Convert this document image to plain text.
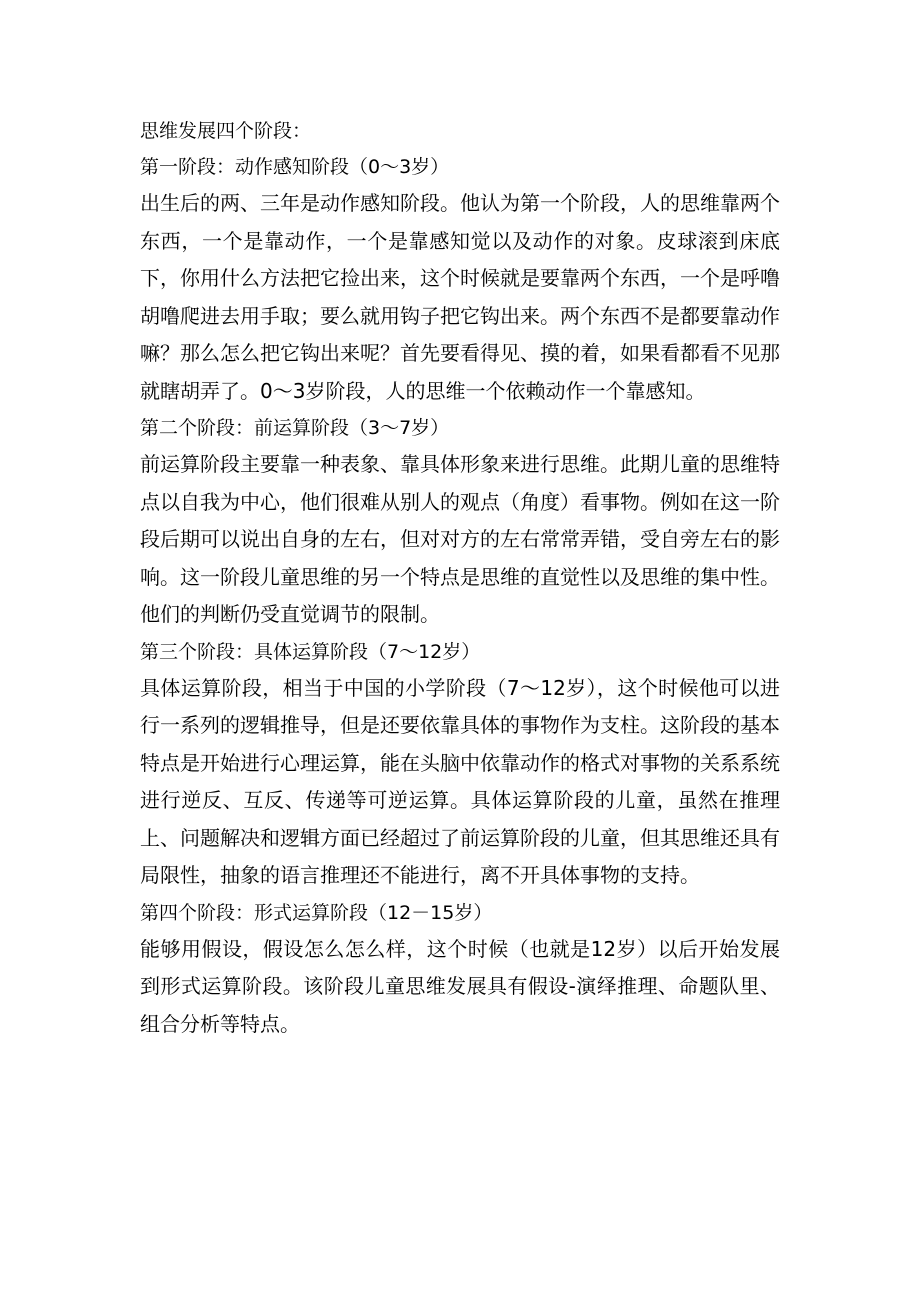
思维发展四个阶段：

第一阶段：动作感知阶段（0～3岁）

出生后的两、三年是动作感知阶段。他认为第一个阶段，人的思维靠两个东西，一个是靠动作，一个是靠感知觉以及动作的对象。皮球滚到床底下，你用什么方法把它捡出来，这个时候就是要靠两个东西，一个是呼噜胡噜爬进去用手取；要么就用钩子把它钩出来。两个东西不是都要靠动作嘛？那么怎么把它钩出来呢？首先要看得见、摸的着，如果看都看不见那就瞎胡弄了。0～3岁阶段，人的思维一个依赖动作一个靠感知。

第二个阶段：前运算阶段（3～7岁）

前运算阶段主要靠一种表象、靠具体形象来进行思维。此期儿童的思维特点以自我为中心，他们很难从别人的观点（角度）看事物。例如在这一阶段后期可以说出自身的左右，但对对方的左右常常弄错，受自旁左右的影响。这一阶段儿童思维的另一个特点是思维的直觉性以及思维的集中性。他们的判断仍受直觉调节的限制。

第三个阶段：具体运算阶段（7～12岁）

具体运算阶段，相当于中国的小学阶段（7～12岁），这个时候他可以进行一系列的逻辑推导，但是还要依靠具体的事物作为支柱。这阶段的基本特点是开始进行心理运算，能在头脑中依靠动作的格式对事物的关系系统进行逆反、互反、传递等可逆运算。具体运算阶段的儿童，虽然在推理上、问题解决和逻辑方面已经超过了前运算阶段的儿童，但其思维还具有局限性，抽象的语言推理还不能进行，离不开具体事物的支持。

第四个阶段：形式运算阶段（12－15岁）

能够用假设，假设怎么怎么样，这个时候（也就是12岁）以后开始发展到形式运算阶段。该阶段儿童思维发展具有假设-演绎推理、命题队里、组合分析等特点。
